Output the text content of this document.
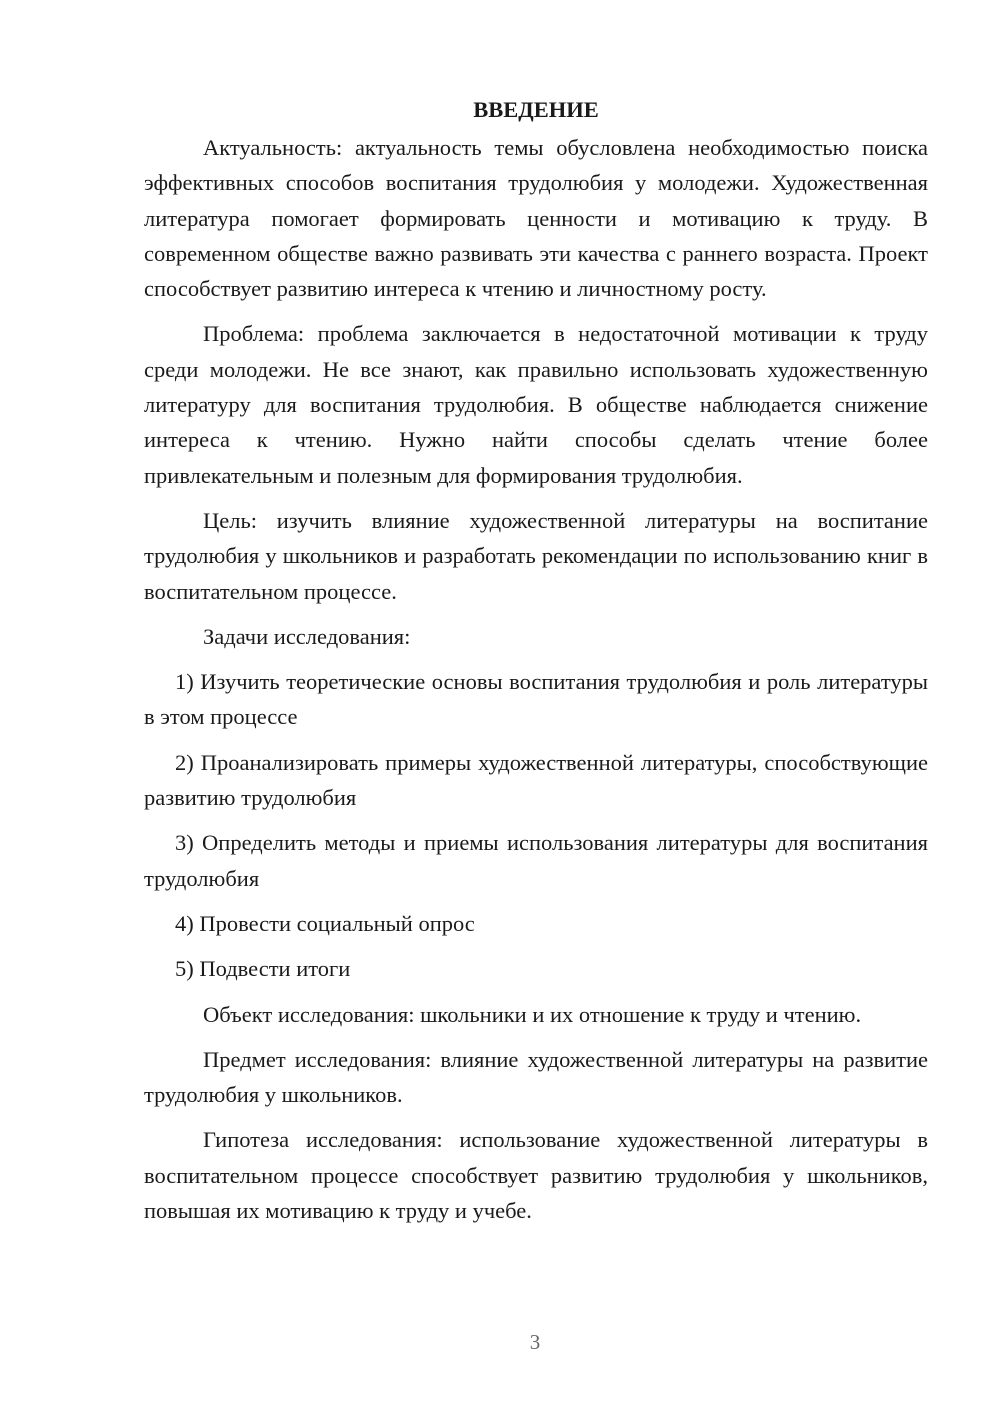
ВВЕДЕНИЕ

Актуальность: актуальность темы обусловлена необходимостью поиска эффективных способов воспитания трудолюбия у молодежи. Художественная литература помогает формировать ценности и мотивацию к труду. В современном обществе важно развивать эти качества с раннего возраста. Проект способствует развитию интереса к чтению и личностному росту.

Проблема: проблема заключается в недостаточной мотивации к труду среди молодежи. Не все знают, как правильно использовать художественную литературу для воспитания трудолюбия. В обществе наблюдается снижение интереса к чтению. Нужно найти способы сделать чтение более привлекательным и полезным для формирования трудолюбия.

Цель: изучить влияние художественной литературы на воспитание трудолюбия у школьников и разработать рекомендации по использованию книг в воспитательном процессе.

Задачи исследования:

1) Изучить теоретические основы воспитания трудолюбия и роль литературы в этом процессе

2) Проанализировать примеры художественной литературы, способствующие развитию трудолюбия

3) Определить методы и приемы использования литературы для воспитания трудолюбия

4) Провести социальный опрос

5) Подвести итоги

Объект исследования: школьники и их отношение к труду и чтению.

Предмет исследования: влияние художественной литературы на развитие трудолюбия у школьников.

Гипотеза исследования: использование художественной литературы в воспитательном процессе способствует развитию трудолюбия у школьников, повышая их мотивацию к труду и учебе.

3
